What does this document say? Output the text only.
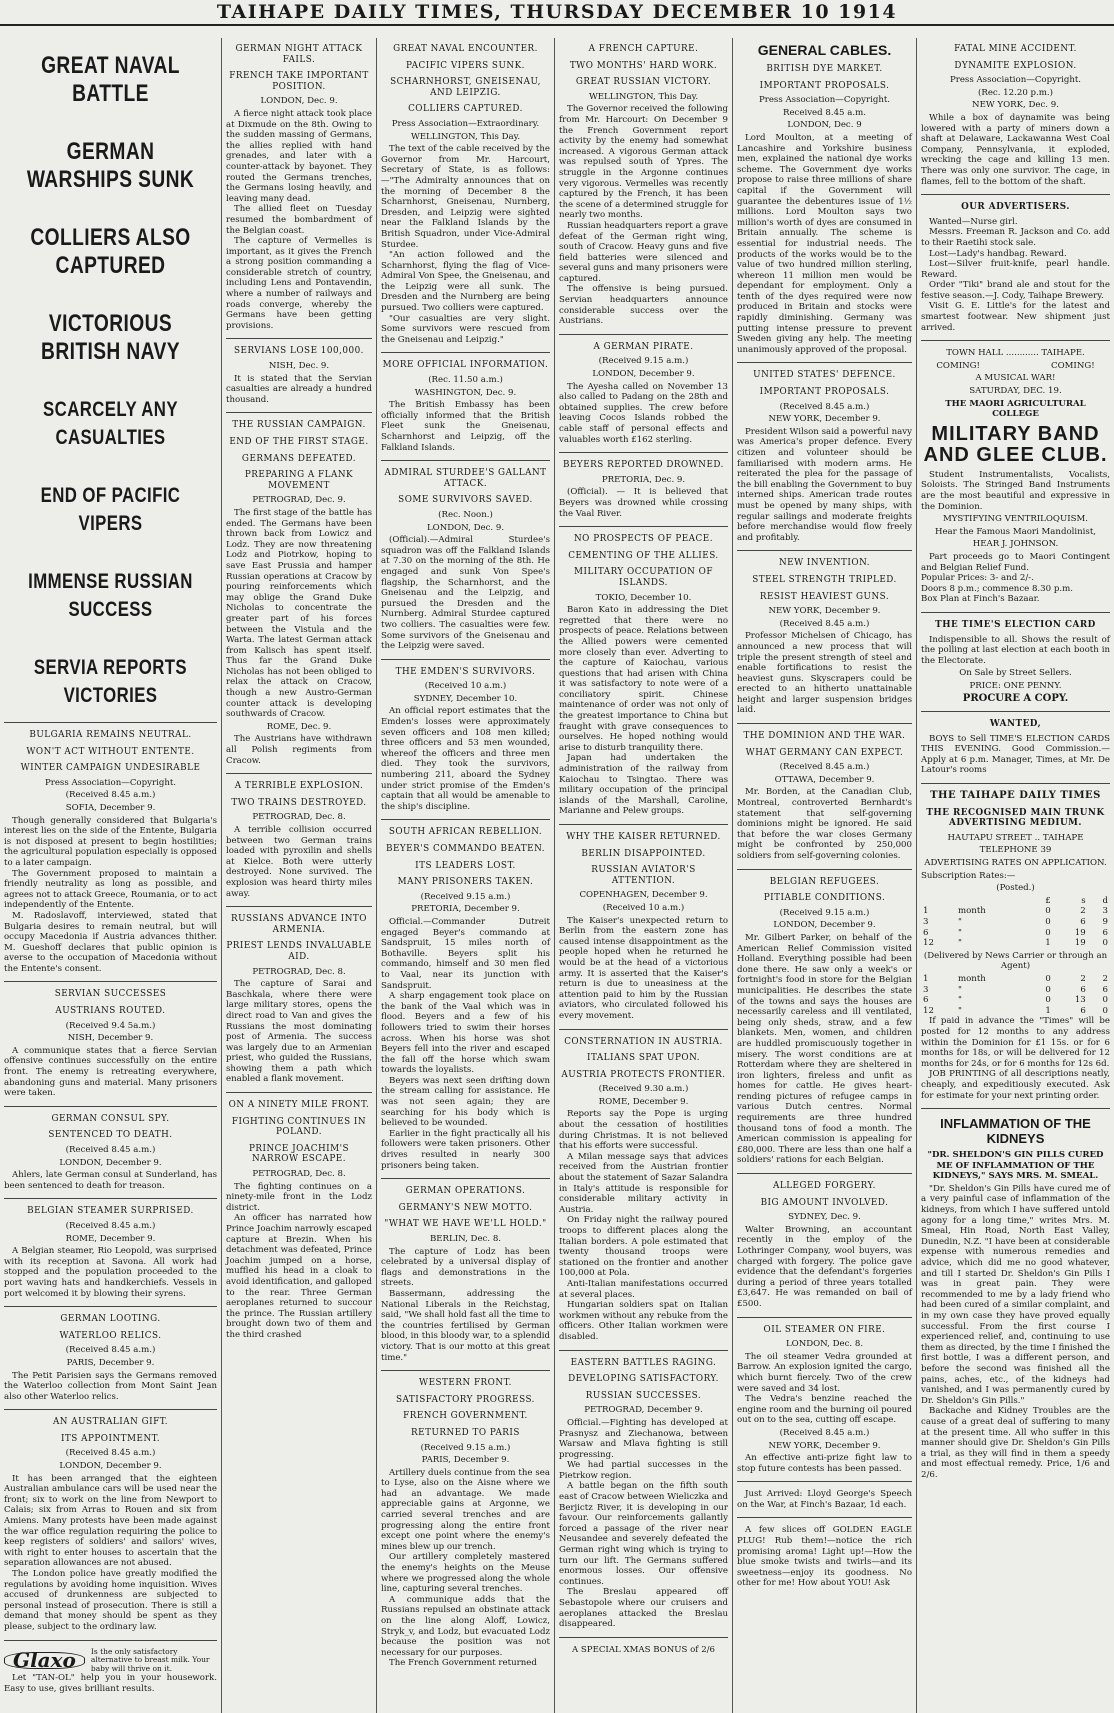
TAIHAPE DAILY TIMES, THURSDAY DECEMBER 10 1914
GREAT NAVAL BATTLE
GERMAN WARSHIPS SUNK
COLLIERS ALSO CAPTURED
VICTORIOUS BRITISH NAVY
SCARCELY ANY CASUALTIES
END OF PACIFIC VIPERS
IMMENSE RUSSIAN SUCCESS
SERVIA REPORTS VICTORIES
BULGARIA REMAINS NEUTRAL.
WON'T ACT WITHOUT ENTENTE.
WINTER CAMPAIGN UNDESIRABLE
Press Association—Copyright.
(Received 8.45 a.m.)
SOFIA, December 9.

Though generally considered that Bulgaria's interest lies on the side of the Entente, Bulgaria is not disposed at present to begin hostilities; the agricultural population especially is opposed to a later campaign.

The Government proposed to maintain a friendly neutrality as long as possible, and agrees not to attack Greece, Roumania, or to act independently of the Entente.

M. Radoslavoff, interviewed, stated that Bulgaria desires to remain neutral, but will occupy Macedonia if Austria advances thither. M. Gueshoff declares that public opinion is averse to the occupation of Macedonia without the Entente's consent.

SERVIAN SUCCESSES
AUSTRIANS ROUTED.
(Received 9.4 5a.m.)
NISH, December 9.

A communique states that a fierce Servian offensive continues successfully on the entire front. The enemy is retreating everywhere, abandoning guns and material. Many prisoners were taken.

GERMAN CONSUL SPY.
SENTENCED TO DEATH.
(Received 8.45 a.m.)
LONDON, December 9.

Ahlers, late German consul at Sunderland, has been sentenced to death for treason.

BELGIAN STEAMER SURPRISED.
(Received 8.45 a.m.)
ROME, December 9.

A Belgian steamer, Rio Leopold, was surprised with its reception at Savona. All work had stopped and the population proceeded to the port waving hats and handkerchiefs. Vessels in port welcomed it by blowing their syrens.

GERMAN LOOTING.
WATERLOO RELICS.
(Received 8.45 a.m.)
PARIS, December 9.

The Petit Parisien says the Germans removed the Waterloo collection from Mont Saint Jean also other Waterloo relics.

AN AUSTRALIAN GIFT.
ITS APPOINTMENT.
(Received 8.45 a.m.)
LONDON, December 9.

It has been arranged that the eighteen Australian ambulance cars will be used near the front; six to work on the line from Newport to Calais; six from Arras to Rouen and six from Amiens. Many protests have been made against the war office regulation requiring the police to keep registers of soldiers' and sailors' wives, with right to enter houses to ascertain that the separation allowances are not abused.

The London police have greatly modified the regulations by avoiding home inquisition. Wives accused of drunkenness are subjected to personal instead of prosecution. There is still a demand that money should be spent as they please, subject to the ordinary law.

Glaxo	Is the only satisfactory alternative to breast milk. Your baby will thrive on it.

Let "TAN-OL" help you in your housework. Easy to use, gives brilliant results.

GERMAN NIGHT ATTACK FAILS.
FRENCH TAKE IMPORTANT POSITION.
LONDON, Dec. 9.

A fierce night attack took place at Dixmude on the 8th. Owing to the sudden massing of Germans, the allies replied with hand grenades, and later with a counter-attack by bayonet. They routed the Germans trenches, the Germans losing heavily, and leaving many dead.

The allied fleet on Tuesday resumed the bombardment of the Belgian coast.

The capture of Vermelles is important, as it gives the French a strong position commanding a considerable stretch of country, including Lens and Pontavendin, where a number of railways and roads converge, whereby the Germans have been getting provisions.

SERVIANS LOSE 100,000.
NISH, Dec. 9.

It is stated that the Servian casualties are already a hundred thousand.

THE RUSSIAN CAMPAIGN.
END OF THE FIRST STAGE.
GERMANS DEFEATED.
PREPARING A FLANK MOVEMENT
PETROGRAD, Dec. 9.

The first stage of the battle has ended. The Germans have been thrown back from Lowicz and Lodz. They are now threatening Lodz and Piotrkow, hoping to save East Prussia and hamper Russian operations at Cracow by pouring reinforcements which may oblige the Grand Duke Nicholas to concentrate the greater part of his forces between the Vistula and the Warta. The latest German attack from Kalisch has spent itself. Thus far the Grand Duke Nicholas has not been obliged to relax the attack on Cracow, though a new Austro-German counter attack is developing southwards of Cracow.

ROME, Dec. 9.

The Austrians have withdrawn all Polish regiments from Cracow.

A TERRIBLE EXPLOSION.
TWO TRAINS DESTROYED.
PETROGRAD, Dec. 8.

A terrible collision occurred between two German trains loaded with pyroxilin and shells at Kielce. Both were utterly destroyed. None survived. The explosion was heard thirty miles away.

RUSSIANS ADVANCE INTO ARMENIA.
PRIEST LENDS INVALUABLE AID.
PETROGRAD, Dec. 8.

The capture of Sarai and Baschkala, where there were large military stores, opens the direct road to Van and gives the Russians the most dominating post of Armenia. The success was largely due to an Armenian priest, who guided the Russians, showing them a path which enabled a flank movement.

ON A NINETY MILE FRONT.
FIGHTING CONTINUES IN POLAND.
PRINCE JOACHIM'S NARROW ESCAPE.
PETROGRAD, Dec. 8.

The fighting continues on a ninety-mile front in the Lodz district.

An officer has narrated how Prince Joachim narrowly escaped capture at Brezin. When his detachment was defeated, Prince Joachim jumped on a horse, muffled his head in a cloak to avoid identification, and galloped to the rear. Three German aeroplanes returned to succour the prince. The Russian artillery brought down two of them and the third crashed

GREAT NAVAL ENCOUNTER.
PACIFIC VIPERS SUNK.
SCHARNHORST, GNEISENAU, AND LEIPZIG.
COLLIERS CAPTURED.
Press Association—Extraordinary.
WELLINGTON, This Day.

The text of the cable received by the Governor from Mr. Harcourt, Secretary of State, is as follows:—"The Admiralty announces that on the morning of December 8 the Scharnhorst, Gneisenau, Nurnberg, Dresden, and Leipzig were sighted near the Falkland Islands by the British Squadron, under Vice-Admiral Sturdee.

"An action followed and the Scharnhorst, flying the flag of Vice-Admiral Von Spee, the Gneisenau, and the Leipzig were all sunk. The Dresden and the Nurnberg are being pursued. Two colliers were captured.

"Our casualties are very slight. Some survivors were rescued from the Gneisenau and Leipzig."

MORE OFFICIAL INFORMATION.
(Rec. 11.50 a.m.)
WASHINGTON, Dec. 9.

The British Embassy has been officially informed that the British Fleet sunk the Gneisenau, Scharnhorst and Leipzig, off the Falkland Islands.

ADMIRAL STURDEE'S GALLANT ATTACK.
SOME SURVIVORS SAVED.
(Rec. Noon.)
LONDON, Dec. 9.

(Official).—Admiral Sturdee's squadron was off the Falkland Islands at 7.30 on the morning of the 8th. He engaged and sunk Von Spee's flagship, the Scharnhorst, and the Gneisenau and the Leipzig, and pursued the Dresden and the Nurnberg. Admiral Sturdee captured two colliers. The casualties were few. Some survivors of the Gneisenau and the Leipzig were saved.

THE EMDEN'S SURVIVORS.
(Received 10 a.m.)
SYDNEY, December 10.

An official report estimates that the Emden's losses were approximately seven officers and 108 men killed; three officers and 53 men wounded, whereof the officers and three men died. They took the survivors, numbering 211, aboard the Sydney under strict promise of the Emden's captain that all would be amenable to the ship's discipline.

SOUTH AFRICAN REBELLION.
BEYER'S COMMANDO BEATEN.
ITS LEADERS LOST.
MANY PRISONERS TAKEN.
(Received 9.15 a.m.)
PRETORIA, December 9.

Official.—Commander Dutreit engaged Beyer's commando at Sandspruit, 15 miles north of Bothaville. Beyers split his commando, himself and 30 men fled to Vaal, near its junction with Sandspruit.

A sharp engagement took place on the bank of the Vaal which was in flood. Beyers and a few of his followers tried to swim their horses across. When his horse was shot Beyers fell into the river and escaped the fall off the horse which swam towards the loyalists.

Beyers was next seen drifting down the stream calling for assistance. He was not seen again; they are searching for his body which is believed to be wounded.

Earlier in the fight practically all his followers were taken prisoners. Other drives resulted in nearly 300 prisoners being taken.

GERMAN OPERATIONS.
GERMANY'S NEW MOTTO.
"WHAT WE HAVE WE'LL HOLD."
BERLIN, Dec. 8.

The capture of Lodz has been celebrated by a universal display of flags and demonstrations in the streets.

Bassermann, addressing the National Liberals in the Reichstag, said, "We shall hold fast all the time to the countries fertilised by German blood, in this bloody war, to a splendid victory. That is our motto at this great time."

WESTERN FRONT.
SATISFACTORY PROGRESS.
FRENCH GOVERNMENT.
RETURNED TO PARIS
(Received 9.15 a.m.)
PARIS, December 9.

Artillery duels continue from the sea to Lyse, also on the Aisne where we had an advantage. We made appreciable gains at Argonne, we carried several trenches and are progressing along the entire front except one point where the enemy's mines blew up our trench.

Our artillery completely mastered the enemy's heights on the Meuse where we progressed along the whole line, capturing several trenches.

A communique adds that the Russians repulsed an obstinate attack on the line along Aloff, Lowicz, Stryk_v, and Lodz, but evacuated Lodz because the position was not necessary for our purposes.

The French Government returned

A FRENCH CAPTURE.
TWO MONTHS' HARD WORK.
GREAT RUSSIAN VICTORY.
WELLINGTON, This Day.

The Governor received the following from Mr. Harcourt: On December 9 the French Government report activity by the enemy had somewhat increased. A vigorous German attack was repulsed south of Ypres. The struggle in the Argonne continues very vigorous. Vermelles was recently captured by the French, it has been the scene of a determined struggle for nearly two months.

Russian headquarters report a grave defeat of the German right wing, south of Cracow. Heavy guns and five field batteries were silenced and several guns and many prisoners were captured.

The offensive is being pursued. Servian headquarters announce considerable success over the Austrians.

A GERMAN PIRATE.
(Received 9.15 a.m.)
LONDON, December 9.

The Ayesha called on November 13 also called to Padang on the 28th and obtained supplies. The crew before leaving Cocos Islands robbed the cable staff of personal effects and valuables worth £162 sterling.

BEYERS REPORTED DROWNED.
PRETORIA, Dec. 9.

(Official). — It is believed that Beyers was drowned while crossing the Vaal River.

NO PROSPECTS OF PEACE.
CEMENTING OF THE ALLIES.
MILITARY OCCUPATION OF ISLANDS.
TOKIO, December 10.

Baron Kato in addressing the Diet regretted that there were no prospects of peace. Relations between the Allied powers were cemented more closely than ever. Adverting to the capture of Kaiochau, various questions that had arisen with China it was satisfactory to note were of a conciliatory spirit. Chinese maintenance of order was not only of the greatest importance to China but fraught with grave consequences to ourselves. He hoped nothing would arise to disturb tranquility there.

Japan had undertaken the administration of the railway from Kaiochau to Tsingtao. There was military occupation of the principal islands of the Marshall, Caroline, Marianne and Pelew groups.

WHY THE KAISER RETURNED.
BERLIN DISAPPOINTED.
RUSSIAN AVIATOR'S ATTENTION.
COPENHAGEN, December 9.
(Received 10 a.m.)

The Kaiser's unexpected return to Berlin from the eastern zone has caused intense disappointment as the people hoped when he returned he would be at the head of a victorious army. It is asserted that the Kaiser's return is due to uneasiness at the attention paid to him by the Russian aviators, who circulated followed his every movement.

CONSTERNATION IN AUSTRIA.
ITALIANS SPAT UPON.
AUSTRIA PROTECTS FRONTIER.
(Received 9.30 a.m.)
ROME, December 9.

Reports say the Pope is urging about the cessation of hostilities during Christmas. It is not believed that his efforts were successful.

A Milan message says that advices received from the Austrian frontier about the statement of Sazar Salandra in Italy's attitude is responsible for considerable military activity in Austria.

On Friday night the railway poured troops to different places along the Italian borders. A pole estimated that twenty thousand troops were stationed on the frontier and another 100,000 at Pola.

Anti-Italian manifestations occurred at several places.

Hungarian soldiers spat on Italian workmen without any rebuke from the officers. Other Italian workmen were disabled.

EASTERN BATTLES RAGING.
DEVELOPING SATISFACTORY.
RUSSIAN SUCCESSES.
PETROGRAD, December 9.

Official.—Fighting has developed at Prasnysz and Ziechanowa, between Warsaw and Mlava fighting is still progressing.

We had partial successes in the Pietrkow region.

A battle began on the fifth south east of Cracow between Wieliczka and Berjictz River, it is developing in our favour. Our reinforcements gallantly forced a passage of the river near Neusandee and severely defeated the German right wing which is trying to turn our lift. The Germans suffered enormous losses. Our offensive continues.

The Breslau appeared off Sebastopole where our cruisers and aeroplanes attacked the Breslau disappeared.

A SPECIAL XMAS BONUS of 2/6
GENERAL CABLES.
BRITISH DYE MARKET.
IMPORTANT PROPOSALS.
Press Association—Copyright.
Received 8.45 a.m.
LONDON, Dec. 9

Lord Moulton, at a meeting of Lancashire and Yorkshire business men, explained the national dye works scheme. The Government dye works propose to raise three millions of share capital if the Government will guarantee the debentures issue of 1½ millions. Lord Moulton says two million's worth of dyes are consumed in Britain annually. The scheme is essential for industrial needs. The products of the works would be to the value of two hundred million sterling, whereon 11 million men would be dependant for employment. Only a tenth of the dyes required were now produced in Britain and stocks were rapidly diminishing. Germany was putting intense pressure to prevent Sweden giving any help. The meeting unanimously approved of the proposal.

UNITED STATES' DEFENCE.
IMPORTANT PROPOSALS.
(Received 8.45 a.m.)
NEW YORK, December 9.

President Wilson said a powerful navy was America's proper defence. Every citizen and volunteer should be familiarised with modern arms. He reiterated the plea for the passage of the bill enabling the Government to buy interned ships. American trade routes must be opened by many ships, with regular sailings and moderate freights before merchandise would flow freely and profitably.

NEW INVENTION.
STEEL STRENGTH TRIPLED.
RESIST HEAVIEST GUNS.
NEW YORK, December 9.
(Received 8.45 a.m.)

Professor Michelsen of Chicago, has announced a new process that will triple the present strength of steel and enable fortifications to resist the heaviest guns. Skyscrapers could be erected to an hitherto unattainable height and larger suspension bridges laid.

THE DOMINION AND THE WAR.
WHAT GERMANY CAN EXPECT.
(Received 8.45 a.m.)
OTTAWA, December 9.

Mr. Borden, at the Canadian Club, Montreal, controverted Bernhardt's statement that self-governing dominions might be ignored. He said that before the war closes Germany might be confronted by 250,000 soldiers from self-governing colonies.

BELGIAN REFUGEES.
PITIABLE CONDITIONS.
(Received 9.15 a.m.)
LONDON, December 9.

Mr. Gilbert Parker, on behalf of the American Relief Commission visited Holland. Everything possible had been done there. He saw only a week's or fortnight's food in store for the Belgian municipalities. He describes the state of the towns and says the houses are necessarily careless and ill ventilated, being only sheds, straw, and a few blankets. Men, women, and children are huddled promiscuously together in misery. The worst conditions are at Rotterdam where they are sheltered in iron lighters, fireless and unfit as homes for cattle. He gives heart-rending pictures of refugee camps in various Dutch centres. Normal requirements are three hundred thousand tons of food a month. The American commission is appealing for £80,000. There are less than one half a soldiers' rations for each Belgian.

ALLEGED FORGERY.
BIG AMOUNT INVOLVED.
SYDNEY, Dec. 9.

Walter Browning, an accountant recently in the employ of the Lothringer Company, wool buyers, was charged with forgery. The police gave evidence that the defendant's forgeries during a period of three years totalled £3,647. He was remanded on bail of £500.

OIL STEAMER ON FIRE.
LONDON, Dec. 8.

The oil steamer Vedra grounded at Barrow. An explosion ignited the cargo, which burnt fiercely. Two of the crew were saved and 34 lost.

The Vedra's benzine reached the engine room and the burning oil poured out on to the sea, cutting off escape.

(Received 8.45 a.m.)
NEW YORK, December 9.

An effective anti-prize fight law to stop future contests has been passed.

Just Arrived: Lloyd George's Speech on the War, at Finch's Bazaar, 1d each.

A few slices off GOLDEN EAGLE PLUG! Rub them!—notice the rich promising aroma! Light up!—How the blue smoke twists and twirls—and its sweetness—enjoy its goodness. No other for me! How about YOU! Ask

FATAL MINE ACCIDENT.
DYNAMITE EXPLOSION.
Press Association—Copyright.
(Rec. 12.20 p.m.)
NEW YORK, Dec. 9.

While a box of daynamite was being lowered with a party of miners down a shaft at Delaware, Lackawanna West Coal Company, Pennsylvania, it exploded, wrecking the cage and killing 13 men. There was only one survivor. The cage, in flames, fell to the bottom of the shaft.

OUR ADVERTISERS.

Wanted—Nurse girl.

Messrs. Freeman R. Jackson and Co. add to their Raetihi stock sale.

Lost—Lady's handbag. Reward.

Lost—Silver fruit-knife, pearl handle. Reward.

Order "Tiki" brand ale and stout for the festive season.—J. Cody, Taihape Brewery.

Visit G. E. Little's for the latest and smartest footwear. New shipment just arrived.

TOWN HALL ............ TAIHAPE.
COMING!                          COMING!
A MUSICAL WAR!
SATURDAY, DEC. 19.
THE MAORI AGRICULTURAL COLLEGE
MILITARY BAND AND GLEE CLUB.

Student Instrumentalists, Vocalists, Soloists. The Stringed Band Instruments are the most beautiful and expressive in the Dominion.

MYSTIFYING VENTRILOQUISM.
Hear the Famous Maori Mandolinist,
HEAR J. JOHNSON.

Part proceeds go to Maori Contingent and Belgian Relief Fund.

Popular Prices: 3- and 2/-.
Doors 8 p.m.; commence 8.30 p.m.
Box Plan at Finch's Bazaar.
THE TIME'S ELECTION CARD

Indispensible to all. Shows the result of the polling at last election at each booth in the Electorate.

On Sale by Street Sellers.
PRICE: ONE PENNY.
PROCURE A COPY.
WANTED,

BOYS to Sell TIME'S ELECTION CARDS THIS EVENING. Good Commission.—Apply at 6 p.m. Manager, Times, at Mr. De Latour's rooms

THE TAIHAPE DAILY TIMES
THE RECOGNISED MAIN TRUNK ADVERTISING MEDIUM.
HAUTAPU STREET .. TAIHAPE
TELEPHONE 39
ADVERTISING RATES ON APPLICATION.
Subscription Rates:—
(Posted.)
		£	s	d
1	month	0	2	3
3	"	0	6	9
6	"	0	19	6
12	"	1	19	0
(Delivered by News Carrier or through an Agent)
1	month	0	2	2
3	"	0	6	6
6	"	0	13	0
12	"	1	6	0

If paid in advance the "Times" will be posted for 12 months to any address within the Dominion for £1 15s. or for 6 months for 18s, or will be delivered for 12 months for 24s, or for 6 months for 12s 6d.

JOB PRINTING of all descriptions neatly, cheaply, and expeditiously executed. Ask for estimate for your next printing order.

INFLAMMATION OF THE KIDNEYS
"DR. SHELDON'S GIN PILLS CURED ME OF INFLAMMATION OF THE KIDNEYS," SAYS MRS. M. SMEAL.

"Dr. Sheldon's Gin Pills have cured me of a very painful case of inflammation of the kidneys, from which I have suffered untold agony for a long time," writes Mrs. M. Smeal, Hin Road, North East Valley, Dunedin, N.Z. "I have been at considerable expense with numerous remedies and advice, which did me no good whatever, and till I started Dr. Sheldon's Gin Pills I was in great pain. They were recommended to me by a lady friend who had been cured of a similar complaint, and in my own case they have proved equally successful. From the first course I experienced relief, and, continuing to use them as directed, by the time I finished the first bottle, I was a different person, and before the second was finished all the pains, aches, etc., of the kidneys had vanished, and I was permanently cured by Dr. Sheldon's Gin Pills."

Backache and Kidney Troubles are the cause of a great deal of suffering to many at the present time. All who suffer in this manner should give Dr. Sheldon's Gin Pills a trial, as they will find in them a speedy and most effectual remedy. Price, 1/6 and 2/6.
